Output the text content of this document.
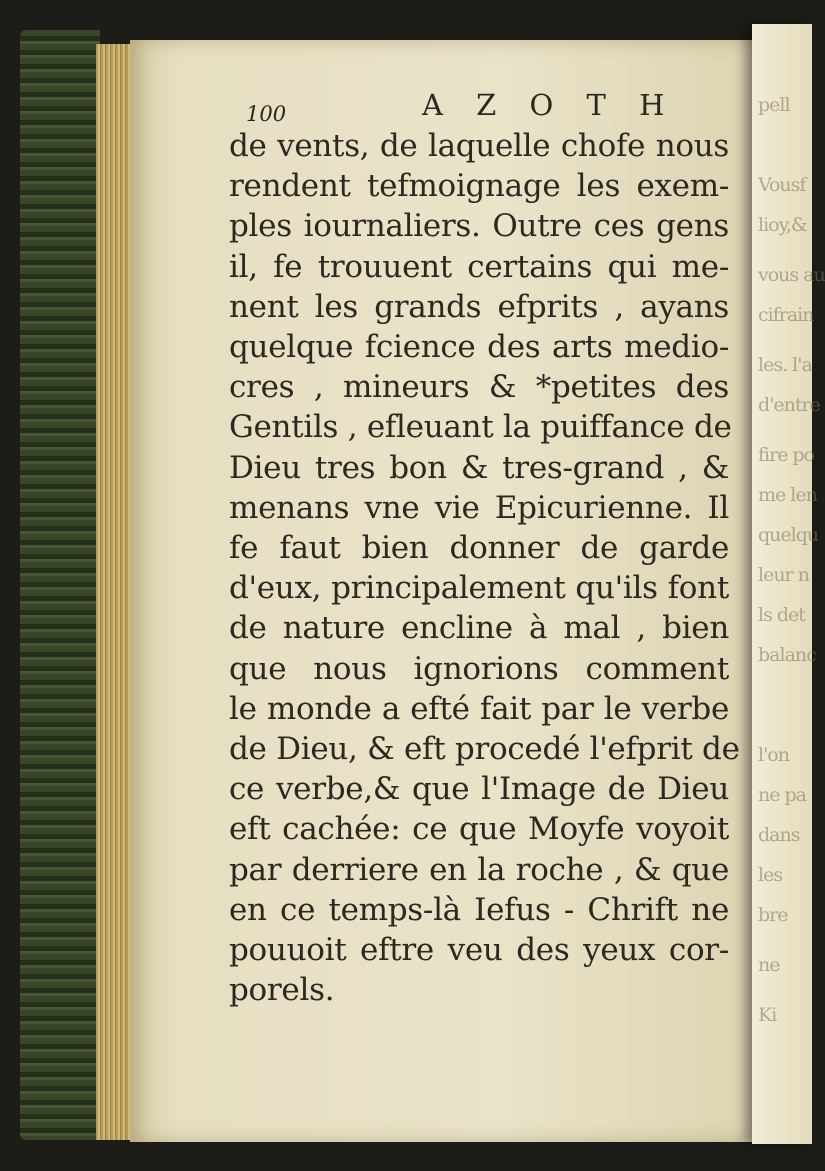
pell
Vousf
lioy,&
vous au
cifrain
les. l'a
d'entre
fire po
me len
quelqu
leur n
ls det
balanc
l'on
ne pa
dans
les
bre
ne
Ki
100	A Z O T H
de vents, de laquelle chofe nous
rendent tefmoignage les exem-
ples iournaliers. Outre ces gens
il, fe trouuent certains qui me-
nent les grands efprits , ayans
quelque fcience des arts medio-
cres , mineurs & *petites des
Gentils , efleuant la puiffance de
Dieu tres bon & tres-grand , &
menans vne vie Epicurienne. Il
fe faut bien donner de garde
d'eux, principalement qu'ils font
de nature encline à mal , bien
que nous ignorions comment
le monde a efté fait par le verbe
de Dieu, & eft procedé l'efprit de
ce verbe,& que l'Image de Dieu
eft cachée: ce que Moyfe voyoit
par derriere en la roche , & que
en ce temps-là Iefus - Chrift ne
pouuoit eftre veu des yeux cor-
porels.
